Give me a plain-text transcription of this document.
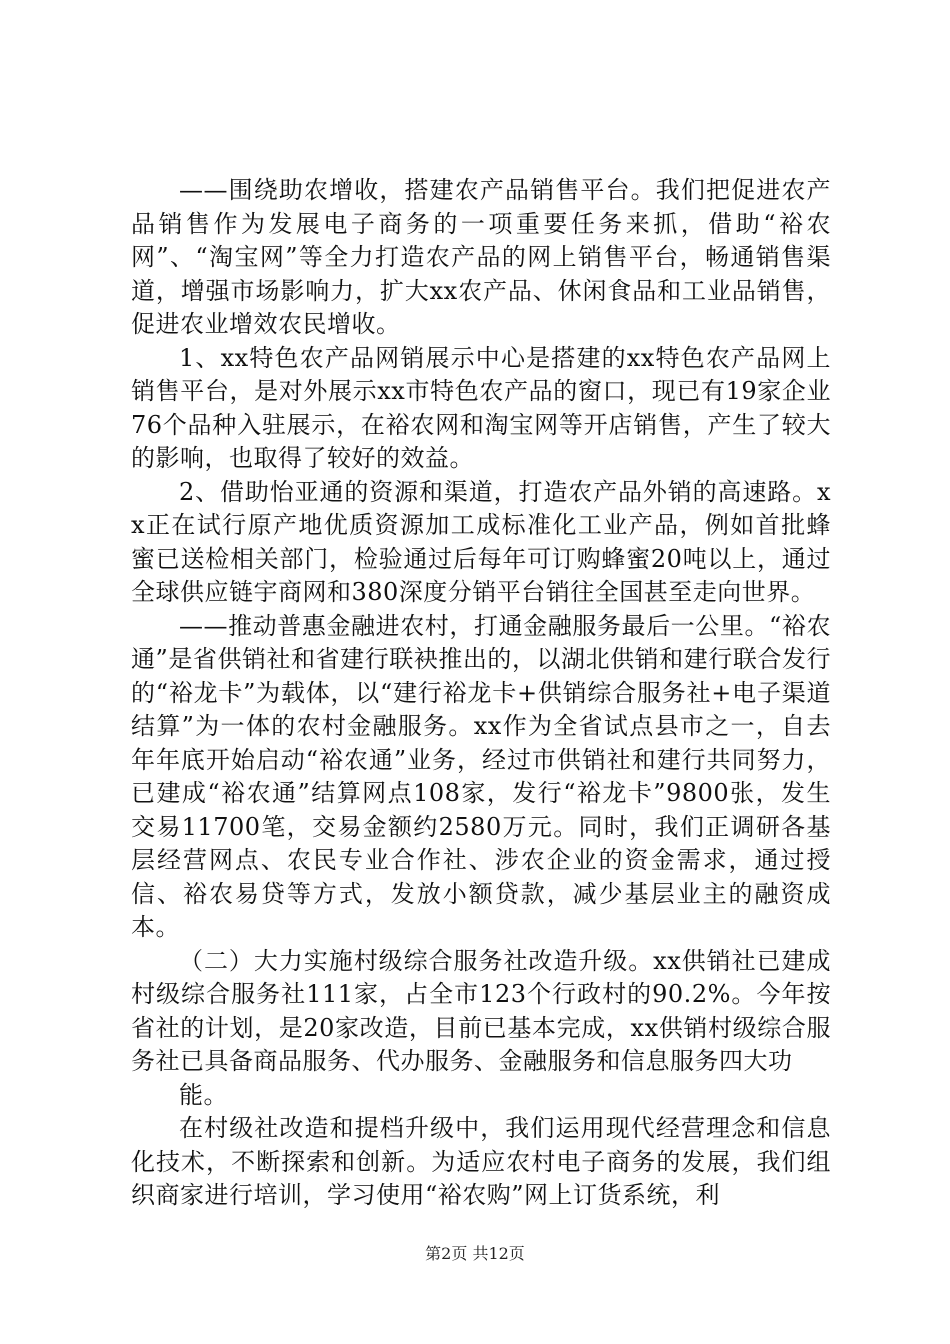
——围绕助农增收，搭建农产品销售平台。我们把促进农产品销售作为发展电子商务的一项重要任务来抓，借助“裕农网”、“淘宝网”等全力打造农产品的网上销售平台，畅通销售渠道，增强市场影响力，扩大xx农产品、休闲食品和工业品销售，促进农业增效农民增收。

1、xx特色农产品网销展示中心是搭建的xx特色农产品网上销售平台，是对外展示xx市特色农产品的窗口，现已有19家企业76个品种入驻展示，在裕农网和淘宝网等开店销售，产生了较大的影响，也取得了较好的效益。

2、借助怡亚通的资源和渠道，打造农产品外销的高速路。xx正在试行原产地优质资源加工成标准化工业产品，例如首批蜂蜜已送检相关部门，检验通过后每年可订购蜂蜜20吨以上，通过全球供应链宇商网和380深度分销平台销往全国甚至走向世界。

——推动普惠金融进农村，打通金融服务最后一公里。“裕农通”是省供销社和省建行联袂推出的，以湖北供销和建行联合发行的“裕龙卡”为载体，以“建行裕龙卡+供销综合服务社+电子渠道结算”为一体的农村金融服务。xx作为全省试点县市之一，自去年年底开始启动“裕农通”业务，经过市供销社和建行共同努力，已建成“裕农通”结算网点108家，发行“裕龙卡”9800张，发生交易11700笔，交易金额约2580万元。同时，我们正调研各基层经营网点、农民专业合作社、涉农企业的资金需求，通过授信、裕农易贷等方式，发放小额贷款，减少基层业主的融资成本。

（二）大力实施村级综合服务社改造升级。xx供销社已建成村级综合服务社111家，占全市123个行政村的90.2%。今年按省社的计划，是20家改造，目前已基本完成，xx供销村级综合服务社已具备商品服务、代办服务、金融服务和信息服务四大功

能。

在村级社改造和提档升级中，我们运用现代经营理念和信息化技术，不断探索和创新。为适应农村电子商务的发展，我们组织商家进行培训，学习使用“裕农购”网上订货系统，利

第2页 共12页
